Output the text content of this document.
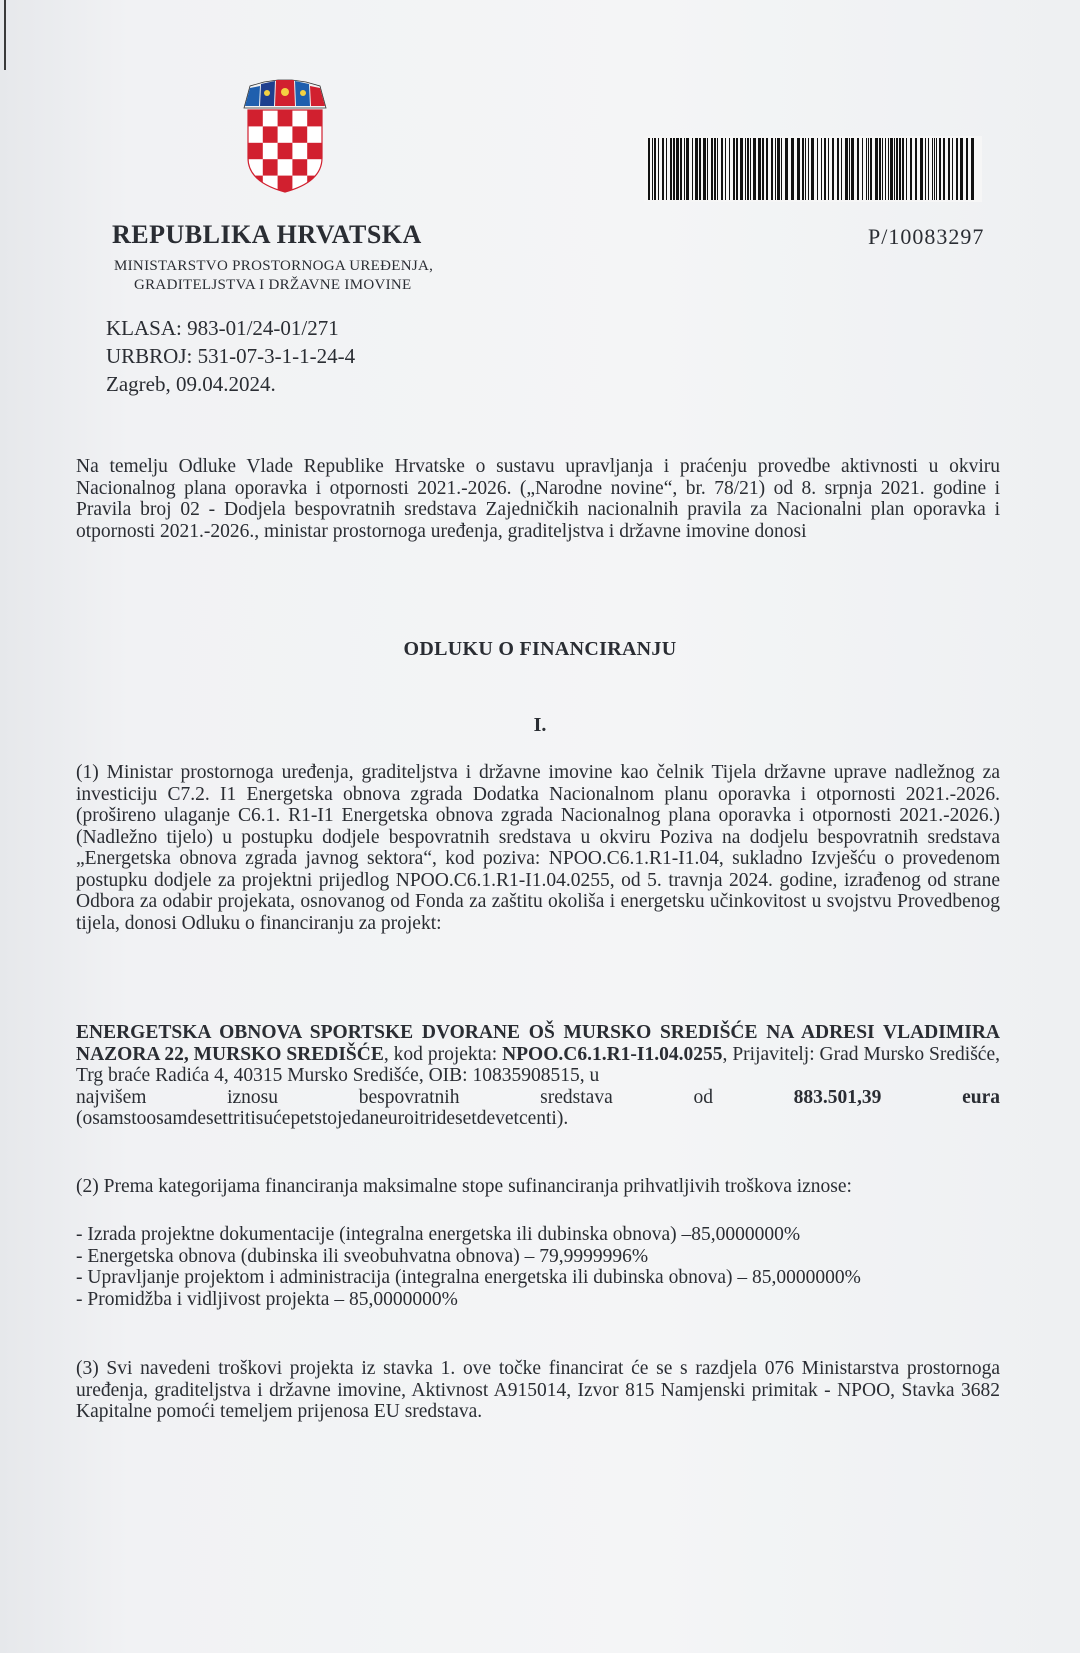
P/10083297
REPUBLIKA HRVATSKA
MINISTARSTVO PROSTORNOGA UREĐENJA,
GRADITELJSTVA I DRŽAVNE IMOVINE
KLASA: 983-01/24-01/271
URBROJ: 531-07-3-1-1-24-4
Zagreb, 09.04.2024.
Na temelju Odluke Vlade Republike Hrvatske o sustavu upravljanja i praćenju provedbe aktivnosti u okviru Nacionalnog plana oporavka i otpornosti 2021.-2026. („Narodne novine“, br. 78/21) od 8. srpnja 2021. godine i Pravila broj 02 - Dodjela bespovratnih sredstava Zajedničkih nacionalnih pravila za Nacionalni plan oporavka i otpornosti 2021.-2026., ministar prostornoga uređenja, graditeljstva i državne imovine donosi
ODLUKU O FINANCIRANJU
I.
(1) Ministar prostornoga uređenja, graditeljstva i državne imovine kao čelnik Tijela državne uprave nadležnog za investiciju C7.2. I1 Energetska obnova zgrada Dodatka Nacionalnom planu oporavka i otpornosti 2021.-2026. (prošireno ulaganje C6.1. R1-I1 Energetska obnova zgrada Nacionalnog plana oporavka i otpornosti 2021.-2026.) (Nadležno tijelo) u postupku dodjele bespovratnih sredstava u okviru Poziva na dodjelu bespovratnih sredstava „Energetska obnova zgrada javnog sektora“, kod poziva: NPOO.C6.1.R1-I1.04, sukladno Izvješću o provedenom postupku dodjele za projektni prijedlog NPOO.C6.1.R1-I1.04.0255, od 5. travnja 2024. godine, izrađenog od strane Odbora za odabir projekata, osnovanog od Fonda za zaštitu okoliša i energetsku učinkovitost u svojstvu Provedbenog tijela, donosi Odluku o financiranju za projekt:
ENERGETSKA OBNOVA SPORTSKE DVORANE OŠ MURSKO SREDIŠĆE NA ADRESI VLADIMIRA NAZORA 22, MURSKO SREDIŠĆE, kod projekta: NPOO.C6.1.R1-I1.04.0255, Prijavitelj: Grad Mursko Središće, Trg braće Radića 4, 40315 Mursko Središće, OIB: 10835908515, u
najvišem	iznosu	bespovratnih	sredstava	od	883.501,39	eura
(osamstoosamdesettritisućepetstojedaneuroitridesetdevetcenti).
(2) Prema kategorijama financiranja maksimalne stope sufinanciranja prihvatljivih troškova iznose:
- Izrada projektne dokumentacije (integralna energetska ili dubinska obnova) –85,0000000%
- Energetska obnova (dubinska ili sveobuhvatna obnova) – 79,9999996%
- Upravljanje projektom i administracija (integralna energetska ili dubinska obnova) – 85,0000000%
- Promidžba i vidljivost projekta – 85,0000000%
(3) Svi navedeni troškovi projekta iz stavka 1. ove točke financirat će se s razdjela 076 Ministarstva prostornoga uređenja, graditeljstva i državne imovine, Aktivnost A915014, Izvor 815 Namjenski primitak - NPOO, Stavka 3682 Kapitalne pomoći temeljem prijenosa EU sredstava.
